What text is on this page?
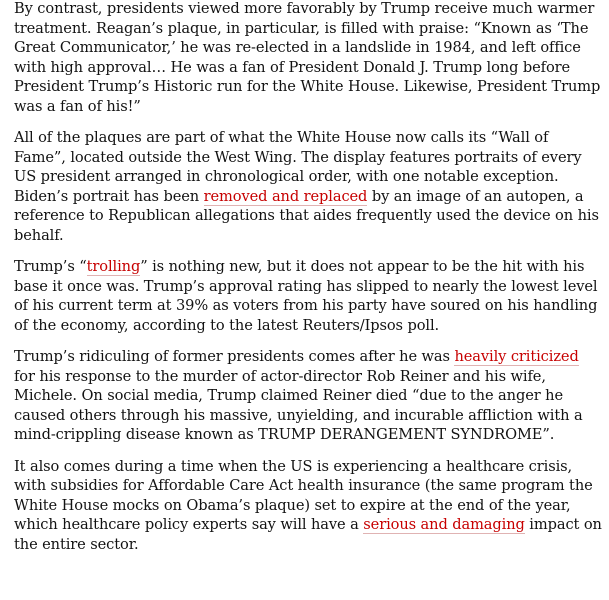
By contrast, presidents viewed more favorably by Trump receive much warmer treatment. Reagan’s plaque, in particular, is filled with praise: “Known as ‘The Great Communicator,’ he was re-elected in a landslide in 1984, and left office with high approval… He was a fan of President Donald J. Trump long before President Trump’s Historic run for the White House. Likewise, President Trump was a fan of his!”

All of the plaques are part of what the White House now calls its “Wall of Fame”, located outside the West Wing. The display features portraits of every US president arranged in chronological order, with one notable exception. Biden’s portrait has been removed and replaced by an image of an autopen, a reference to Republican allegations that aides frequently used the device on his behalf.

Trump’s “trolling” is nothing new, but it does not appear to be the hit with his base it once was. Trump’s approval rating has slipped to nearly the lowest level of his current term at 39% as voters from his party have soured on his handling of the economy, according to the latest Reuters/Ipsos poll.

Trump’s ridiculing of former presidents comes after he was heavily criticized for his response to the murder of actor-director Rob Reiner and his wife, Michele. On social media, Trump claimed Reiner died “due to the anger he caused others through his massive, unyielding, and incurable affliction with a mind-crippling disease known as TRUMP DERANGEMENT SYNDROME”.

It also comes during a time when the US is experiencing a healthcare crisis, with subsidies for Affordable Care Act health insurance (the same program the White House mocks on Obama’s plaque) set to expire at the end of the year, which healthcare policy experts say will have a serious and damaging impact on the entire sector.
